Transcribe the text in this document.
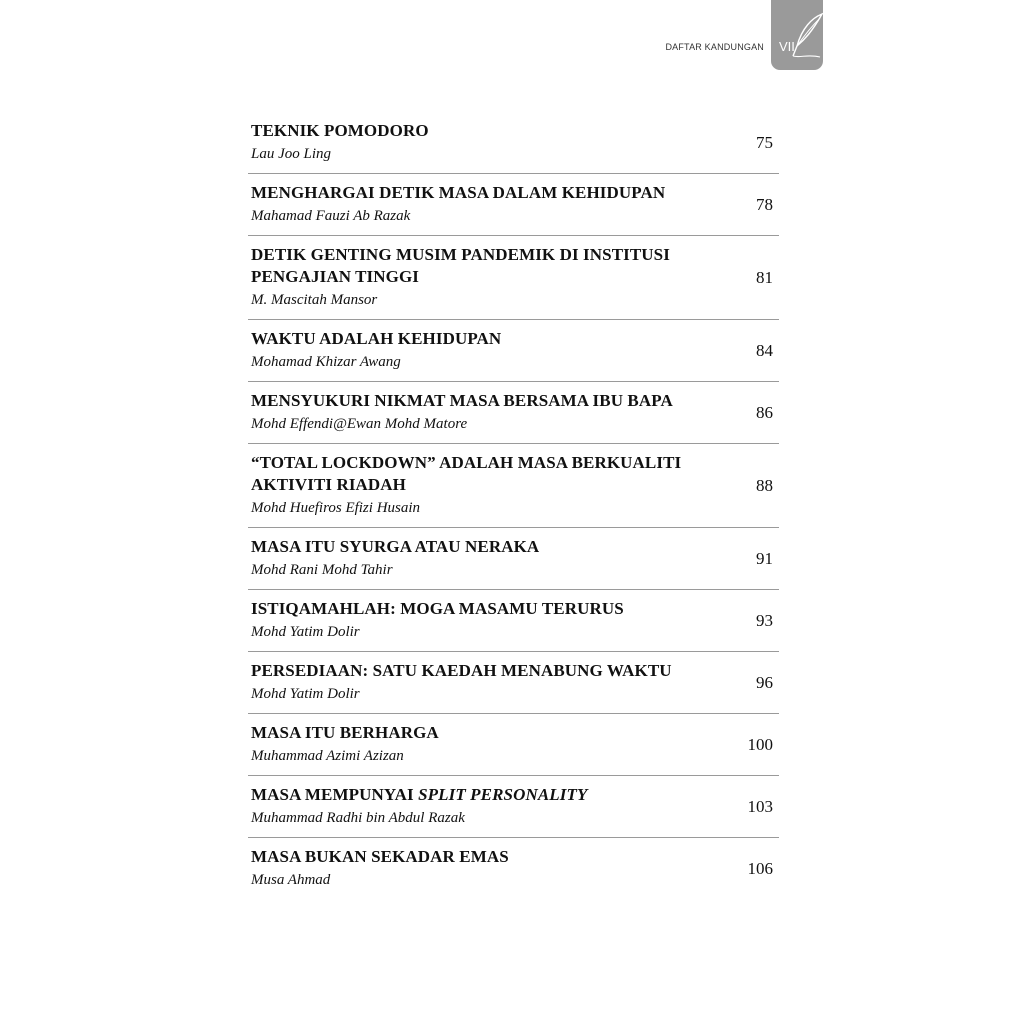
DAFTAR KANDUNGAN VII
TEKNIK POMODORO
Lau Joo Ling
75
MENGHARGAI DETIK MASA DALAM KEHIDUPAN
Mahamad Fauzi Ab Razak
78
DETIK GENTING MUSIM PANDEMIK DI INSTITUSI
PENGAJIAN TINGGI
M. Mascitah Mansor
81
WAKTU ADALAH KEHIDUPAN
Mohamad Khizar Awang
84
MENSYUKURI NIKMAT MASA BERSAMA IBU BAPA
Mohd Effendi@Ewan Mohd Matore
86
“TOTAL LOCKDOWN” ADALAH MASA BERKUALITI
AKTIVITI RIADAH
Mohd Huefiros Efizi Husain
88
MASA ITU SYURGA ATAU NERAKA
Mohd Rani Mohd Tahir
91
ISTIQAMAHLAH: MOGA MASAMU TERURUS
Mohd Yatim Dolir
93
PERSEDIAAN: SATU KAEDAH MENABUNG WAKTU
Mohd Yatim Dolir
96
MASA ITU BERHARGA
Muhammad Azimi Azizan
100
MASA MEMPUNYAI SPLIT PERSONALITY
Muhammad Radhi bin Abdul Razak
103
MASA BUKAN SEKADAR EMAS
Musa Ahmad
106
